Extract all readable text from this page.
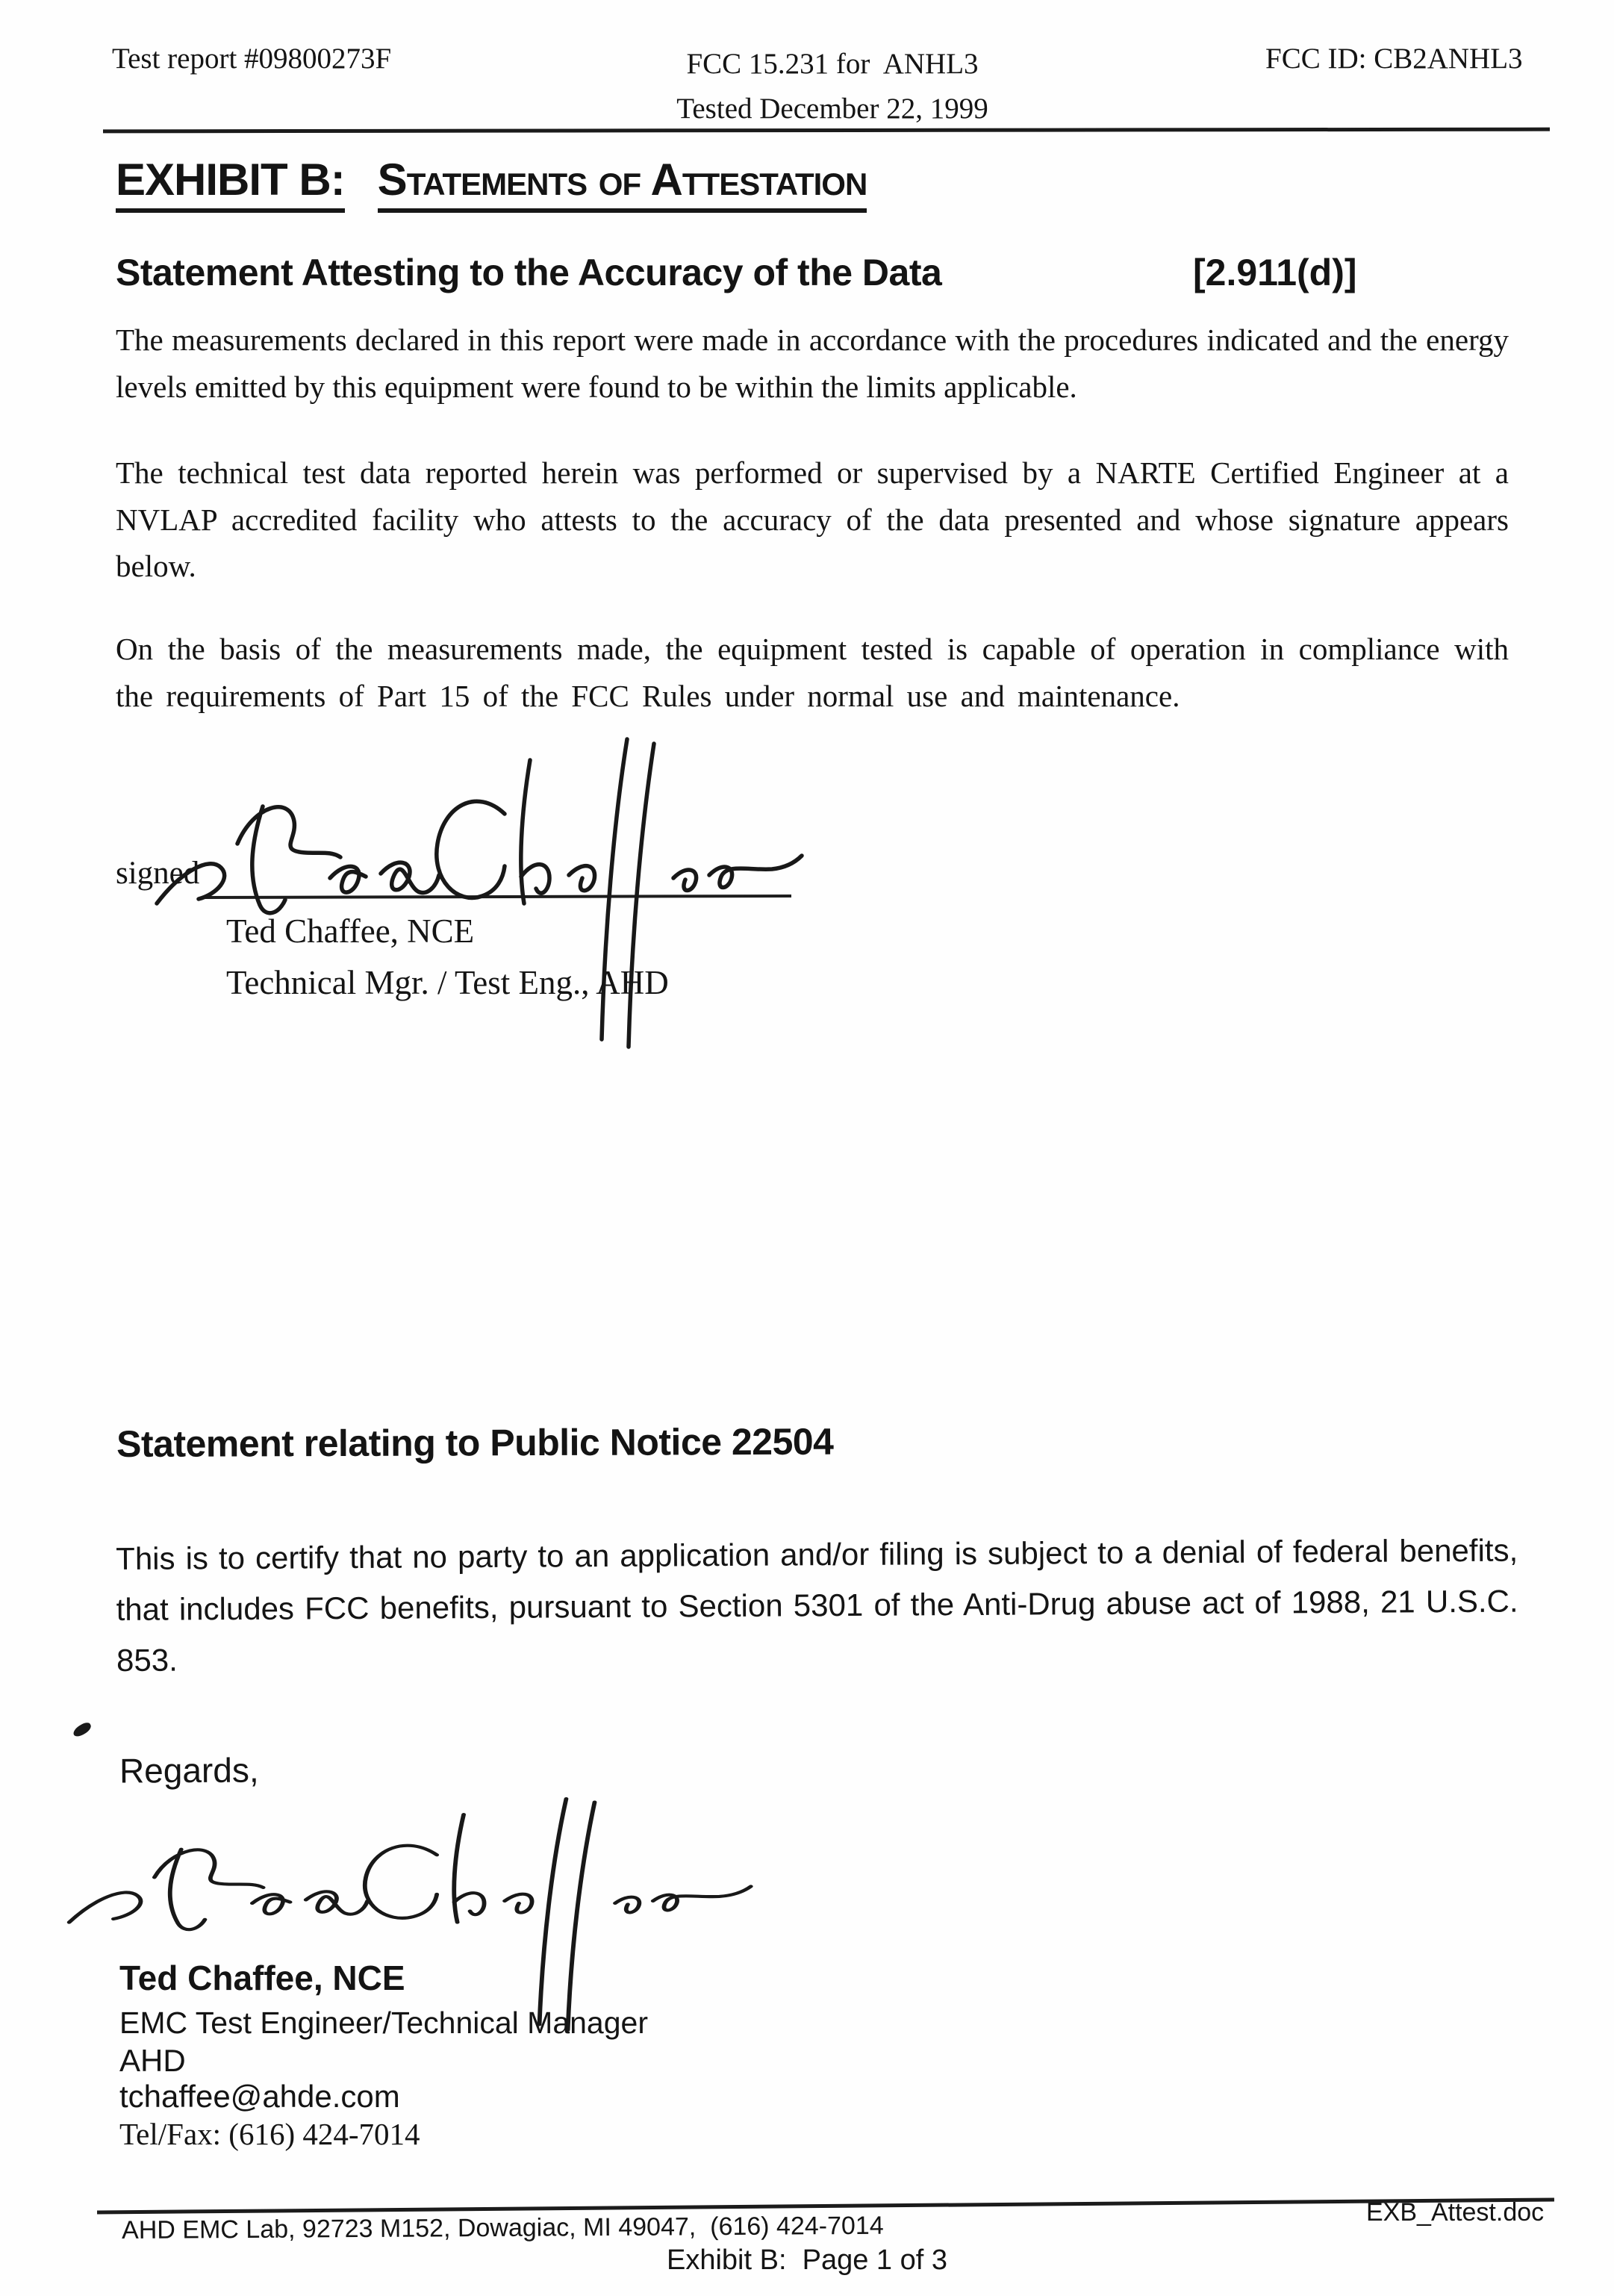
Test report #09800273F	FCC 15.231 for  ANHL3
Tested December 22, 1999
FCC ID: CB2ANHL3
EXHIBIT B: Statements of Attestation
Statement Attesting to the Accuracy of the Data	[2.911(d)]

The measurements declared in this report were made in accordance with the procedures indicated and the energy levels emitted by this equipment were found to be within the limits applicable.

The technical test data reported herein was performed or supervised by a NARTE Certified Engineer at a NVLAP accredited facility who attests to the accuracy of the data presented and whose signature appears below.

On the basis of the measurements made, the equipment tested is capable of operation in compliance with the requirements of Part 15 of the FCC Rules under normal use and maintenance.

signed
Ted Chaffee, NCE
Technical Mgr. / Test Eng., AHD
Statement relating to Public Notice 22504

This is to certify that no party to an application and/or filing is subject to a denial of federal benefits, that includes FCC benefits, pursuant to Section 5301 of the Anti-Drug abuse act of 1988, 21 U.S.C. 853.

Regards,
Ted Chaffee, NCE
EMC Test Engineer/Technical Manager
AHD
tchaffee@ahde.com
Tel/Fax: (616) 424-7014
AHD EMC Lab, 92723 M152, Dowagiac, MI 49047,  (616) 424-7014	EXB_Attest.doc
Exhibit B:  Page 1 of 3
